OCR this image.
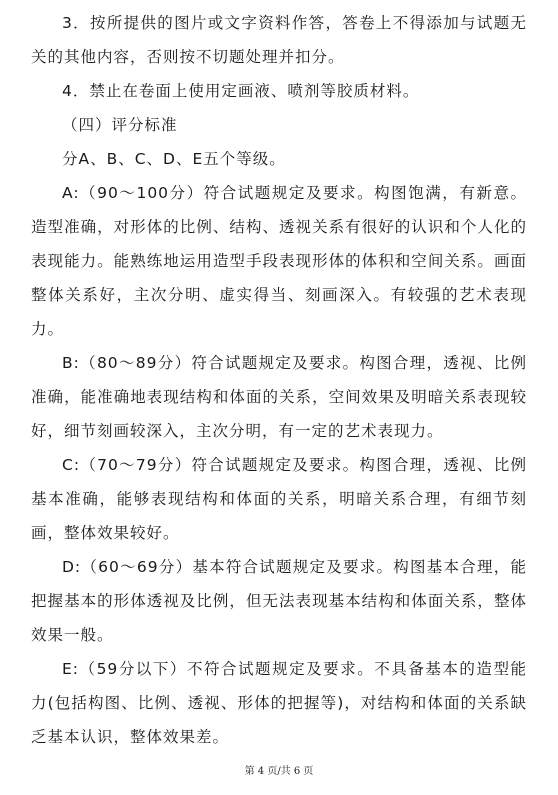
3．按所提供的图片或文字资料作答，答卷上不得添加与试题无关的其他内容，否则按不切题处理并扣分。

4．禁止在卷面上使用定画液、喷剂等胶质材料。

（四）评分标准

分A、B、C、D、E五个等级。

A:（90～100分）符合试题规定及要求。构图饱满，有新意。造型准确，对形体的比例、结构、透视关系有很好的认识和个人化的表现能力。能熟练地运用造型手段表现形体的体积和空间关系。画面整体关系好，主次分明、虚实得当、刻画深入。有较强的艺术表现力。

B:（80～89分）符合试题规定及要求。构图合理，透视、比例准确，能准确地表现结构和体面的关系，空间效果及明暗关系表现较好，细节刻画较深入，主次分明，有一定的艺术表现力。

C:（70～79分）符合试题规定及要求。构图合理，透视、比例基本准确，能够表现结构和体面的关系，明暗关系合理，有细节刻画，整体效果较好。

D:（60～69分）基本符合试题规定及要求。构图基本合理，能把握基本的形体透视及比例，但无法表现基本结构和体面关系，整体效果一般。

E:（59分以下）不符合试题规定及要求。不具备基本的造型能力(包括构图、比例、透视、形体的把握等)，对结构和体面的关系缺乏基本认识，整体效果差。

第 4 页/共 6 页
